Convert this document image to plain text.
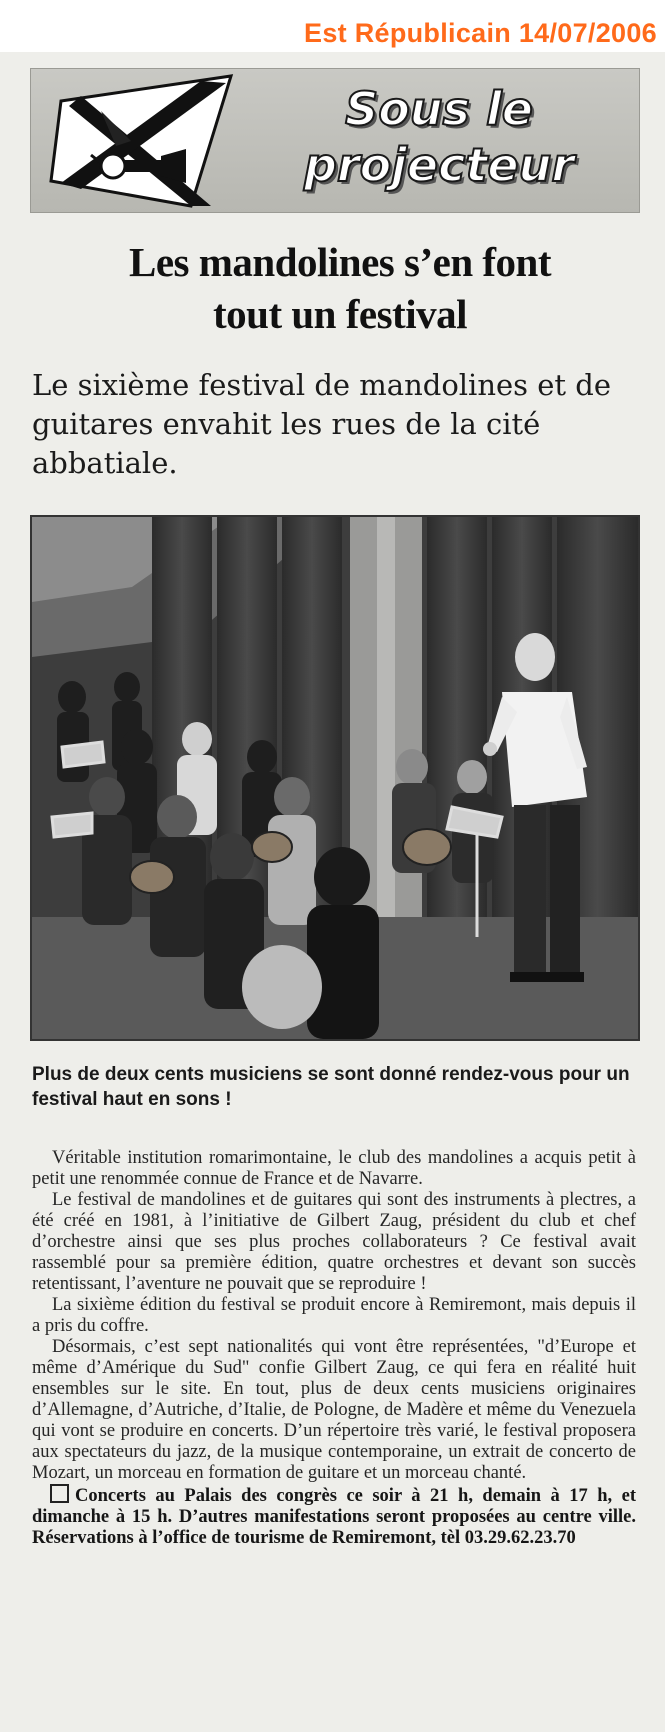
Est Républicain 14/07/2006
Sous le
projecteur
Les mandolines s’en font
tout un festival
Le sixième festival de mandolines et de guitares envahit les rues de la cité abbatiale.
Plus de deux cents musiciens se sont donné rendez-vous pour un festival haut en sons !

Véritable institution romarimontaine, le club des mandolines a acquis petit à petit une renommée connue de France et de Navarre.

Le festival de mandolines et de guitares qui sont des instruments à plectres, a été créé en 1981, à l’initiative de Gilbert Zaug, président du club et chef d’orchestre ainsi que ses plus proches collaborateurs ? Ce festival avait rassemblé pour sa première édition, quatre orchestres et devant son succès retentissant, l’aventure ne pouvait que se reproduire !

La sixième édition du festival se produit encore à Remiremont, mais depuis il a pris du coffre.

Désormais, c’est sept nationalités qui vont être représentées, "d’Europe et même d’Amérique du Sud" confie Gilbert Zaug, ce qui fera en réalité huit ensembles sur le site. En tout, plus de deux cents musiciens originaires d’Allemagne, d’Autriche, d’Italie, de Pologne, de Madère et même du Venezuela qui vont se produire en concerts. D’un répertoire très varié, le festival proposera aux spectateurs du jazz, de la musique contemporaine, un extrait de concerto de Mozart, un morceau en formation de guitare et un morceau chanté.

Concerts au Palais des congrès ce soir à 21 h, demain à 17 h, et dimanche à 15 h. D’autres manifestations seront proposées au centre ville. Réservations à l’office de tourisme de Remiremont, tèl 03.29.62.23.70
